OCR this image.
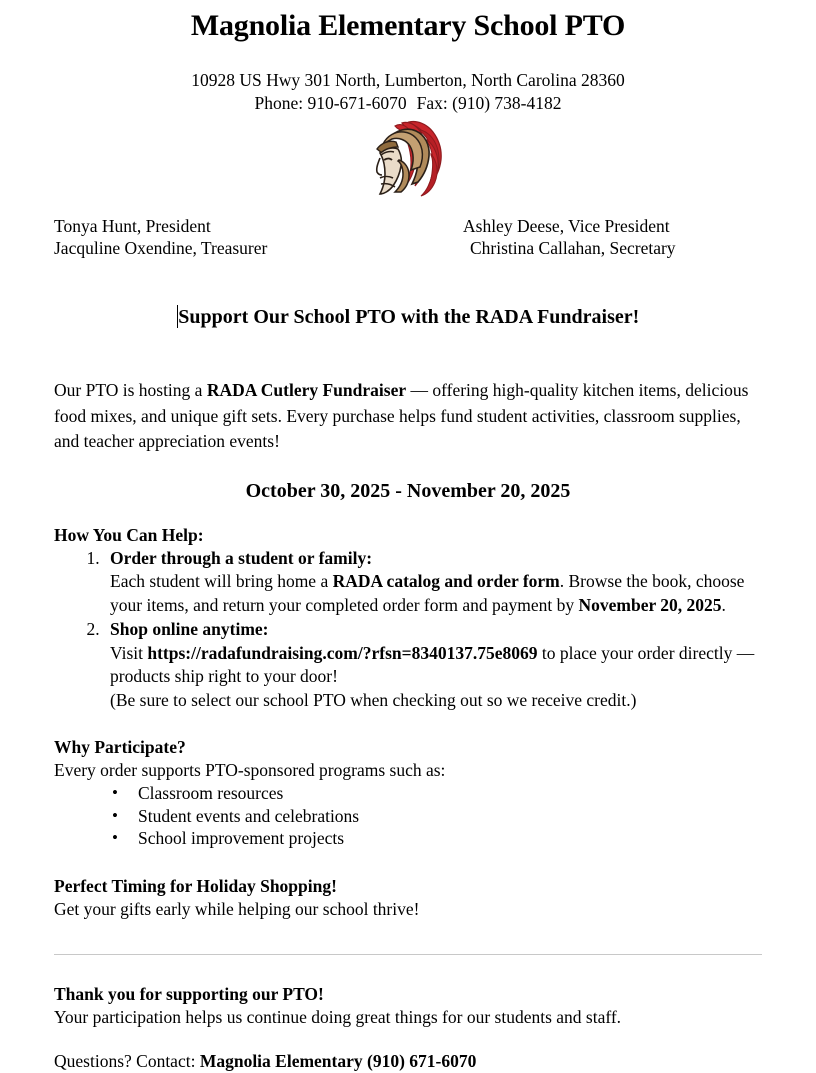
Magnolia Elementary School PTO
10928 US Hwy 301 North, Lumberton, North Carolina 28360
Phone: 910-671-6070 Fax: (910) 738-4182
Tonya Hunt, President	Ashley Deese, Vice President
Jacquline Oxendine, Treasurer	Christina Callahan, Secretary
Support Our School PTO with the RADA Fundraiser!

Our PTO is hosting a RADA Cutlery Fundraiser — offering high-quality kitchen items, delicious food mixes, and unique gift sets. Every purchase helps fund student activities, classroom supplies, and teacher appreciation events!

October 30, 2025 - November 20, 2025
How You Can Help:
1. Order through a student or family:
Each student will bring home a RADA catalog and order form. Browse the book, choose your items, and return your completed order form and payment by November 20, 2025.
2. Shop online anytime:
Visit https://radafundraising.com/?rfsn=8340137.75e8069 to place your order directly — products ship right to your door!
(Be sure to select our school PTO when checking out so we receive credit.)
Why Participate?
Every order supports PTO-sponsored programs such as:
• Classroom resources
• Student events and celebrations
• School improvement projects
Perfect Timing for Holiday Shopping!
Get your gifts early while helping our school thrive!
Thank you for supporting our PTO!
Your participation helps us continue doing great things for our students and staff.
Questions? Contact: Magnolia Elementary (910) 671-6070
